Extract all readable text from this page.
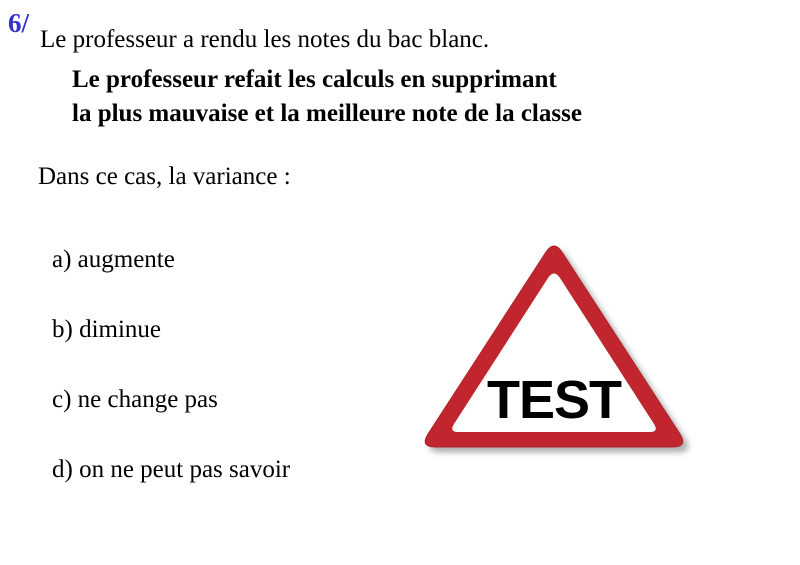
6/
Le professeur a rendu les notes du bac blanc.
Le professeur refait les calculs en supprimant
la plus mauvaise et la meilleure note de la classe
Dans ce cas, la variance :
a) augmente
b) diminue
c) ne change pas
d) on ne peut pas savoir
TEST
